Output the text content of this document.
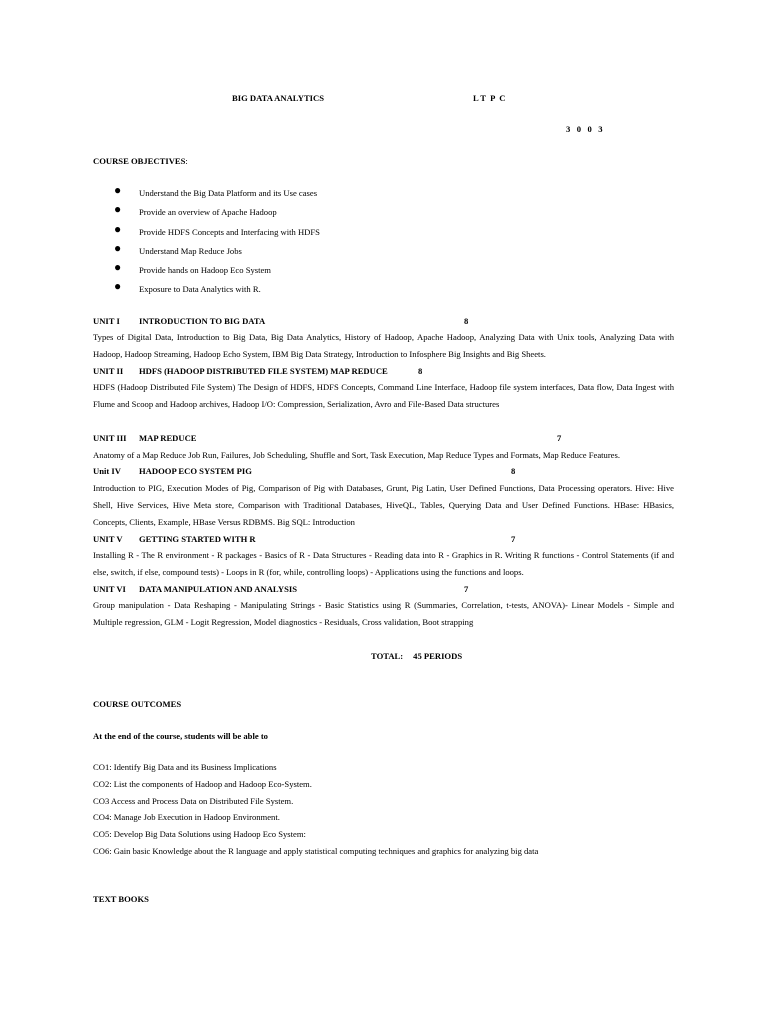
BIG DATA ANALYTICS	L T  P  C
3   0   0   3
COURSE OBJECTIVES:
● Understand the Big Data Platform and its Use cases
● Provide an overview of Apache Hadoop
● Provide HDFS Concepts and Interfacing with HDFS
● Understand Map Reduce Jobs
● Provide hands on Hadoop Eco System
● Exposure to Data Analytics with R.
UNIT I INTRODUCTION TO BIG DATA	8
Types of Digital Data, Introduction to Big Data, Big Data Analytics, History of Hadoop, Apache Hadoop, Analyzing Data with Unix tools, Analyzing Data with Hadoop, Hadoop Streaming, Hadoop Echo System, IBM Big Data Strategy, Introduction to Infosphere Big Insights and Big Sheets.
UNIT II HDFS (HADOOP DISTRIBUTED FILE SYSTEM) MAP REDUCE	8
HDFS (Hadoop Distributed File System) The Design of HDFS, HDFS Concepts, Command Line Interface, Hadoop file system interfaces, Data flow, Data Ingest with Flume and Scoop and Hadoop archives, Hadoop I/O: Compression, Serialization, Avro and File-Based Data structures
UNIT III MAP REDUCE	7
Anatomy of a Map Reduce Job Run, Failures, Job Scheduling, Shuffle and Sort, Task Execution, Map Reduce Types and Formats, Map Reduce Features.
Unit IV HADOOP ECO SYSTEM PIG	8
Introduction to PIG, Execution Modes of Pig, Comparison of Pig with Databases, Grunt, Pig Latin, User Defined Functions, Data Processing operators. Hive: Hive Shell, Hive Services, Hive Meta store, Comparison with Traditional Databases, HiveQL, Tables, Querying Data and User Defined Functions. HBase: HBasics, Concepts, Clients, Example, HBase Versus RDBMS. Big SQL: Introduction
UNIT V GETTING STARTED WITH R	7
Installing R - The R environment - R packages - Basics of R - Data Structures - Reading data into R - Graphics in R. Writing R functions - Control Statements (if and else, switch, if else, compound tests) - Loops in R (for, while, controlling loops) - Applications using the functions and loops.
UNIT VI DATA MANIPULATION AND ANALYSIS	7
Group manipulation - Data Reshaping - Manipulating Strings - Basic Statistics using R (Summaries, Correlation, t-tests, ANOVA)- Linear Models - Simple and Multiple regression, GLM - Logit Regression, Model diagnostics - Residuals, Cross validation, Boot strapping
TOTAL: 45 PERIODS
COURSE OUTCOMES
At the end of the course, students will be able to
CO1: Identify Big Data and its Business Implications
CO2: List the components of Hadoop and Hadoop Eco-System.
CO3 Access and Process Data on Distributed File System.
CO4: Manage Job Execution in Hadoop Environment.
CO5: Develop Big Data Solutions using Hadoop Eco System:
CO6: Gain basic Knowledge about the R language and apply statistical computing techniques and graphics for analyzing big data
TEXT BOOKS
